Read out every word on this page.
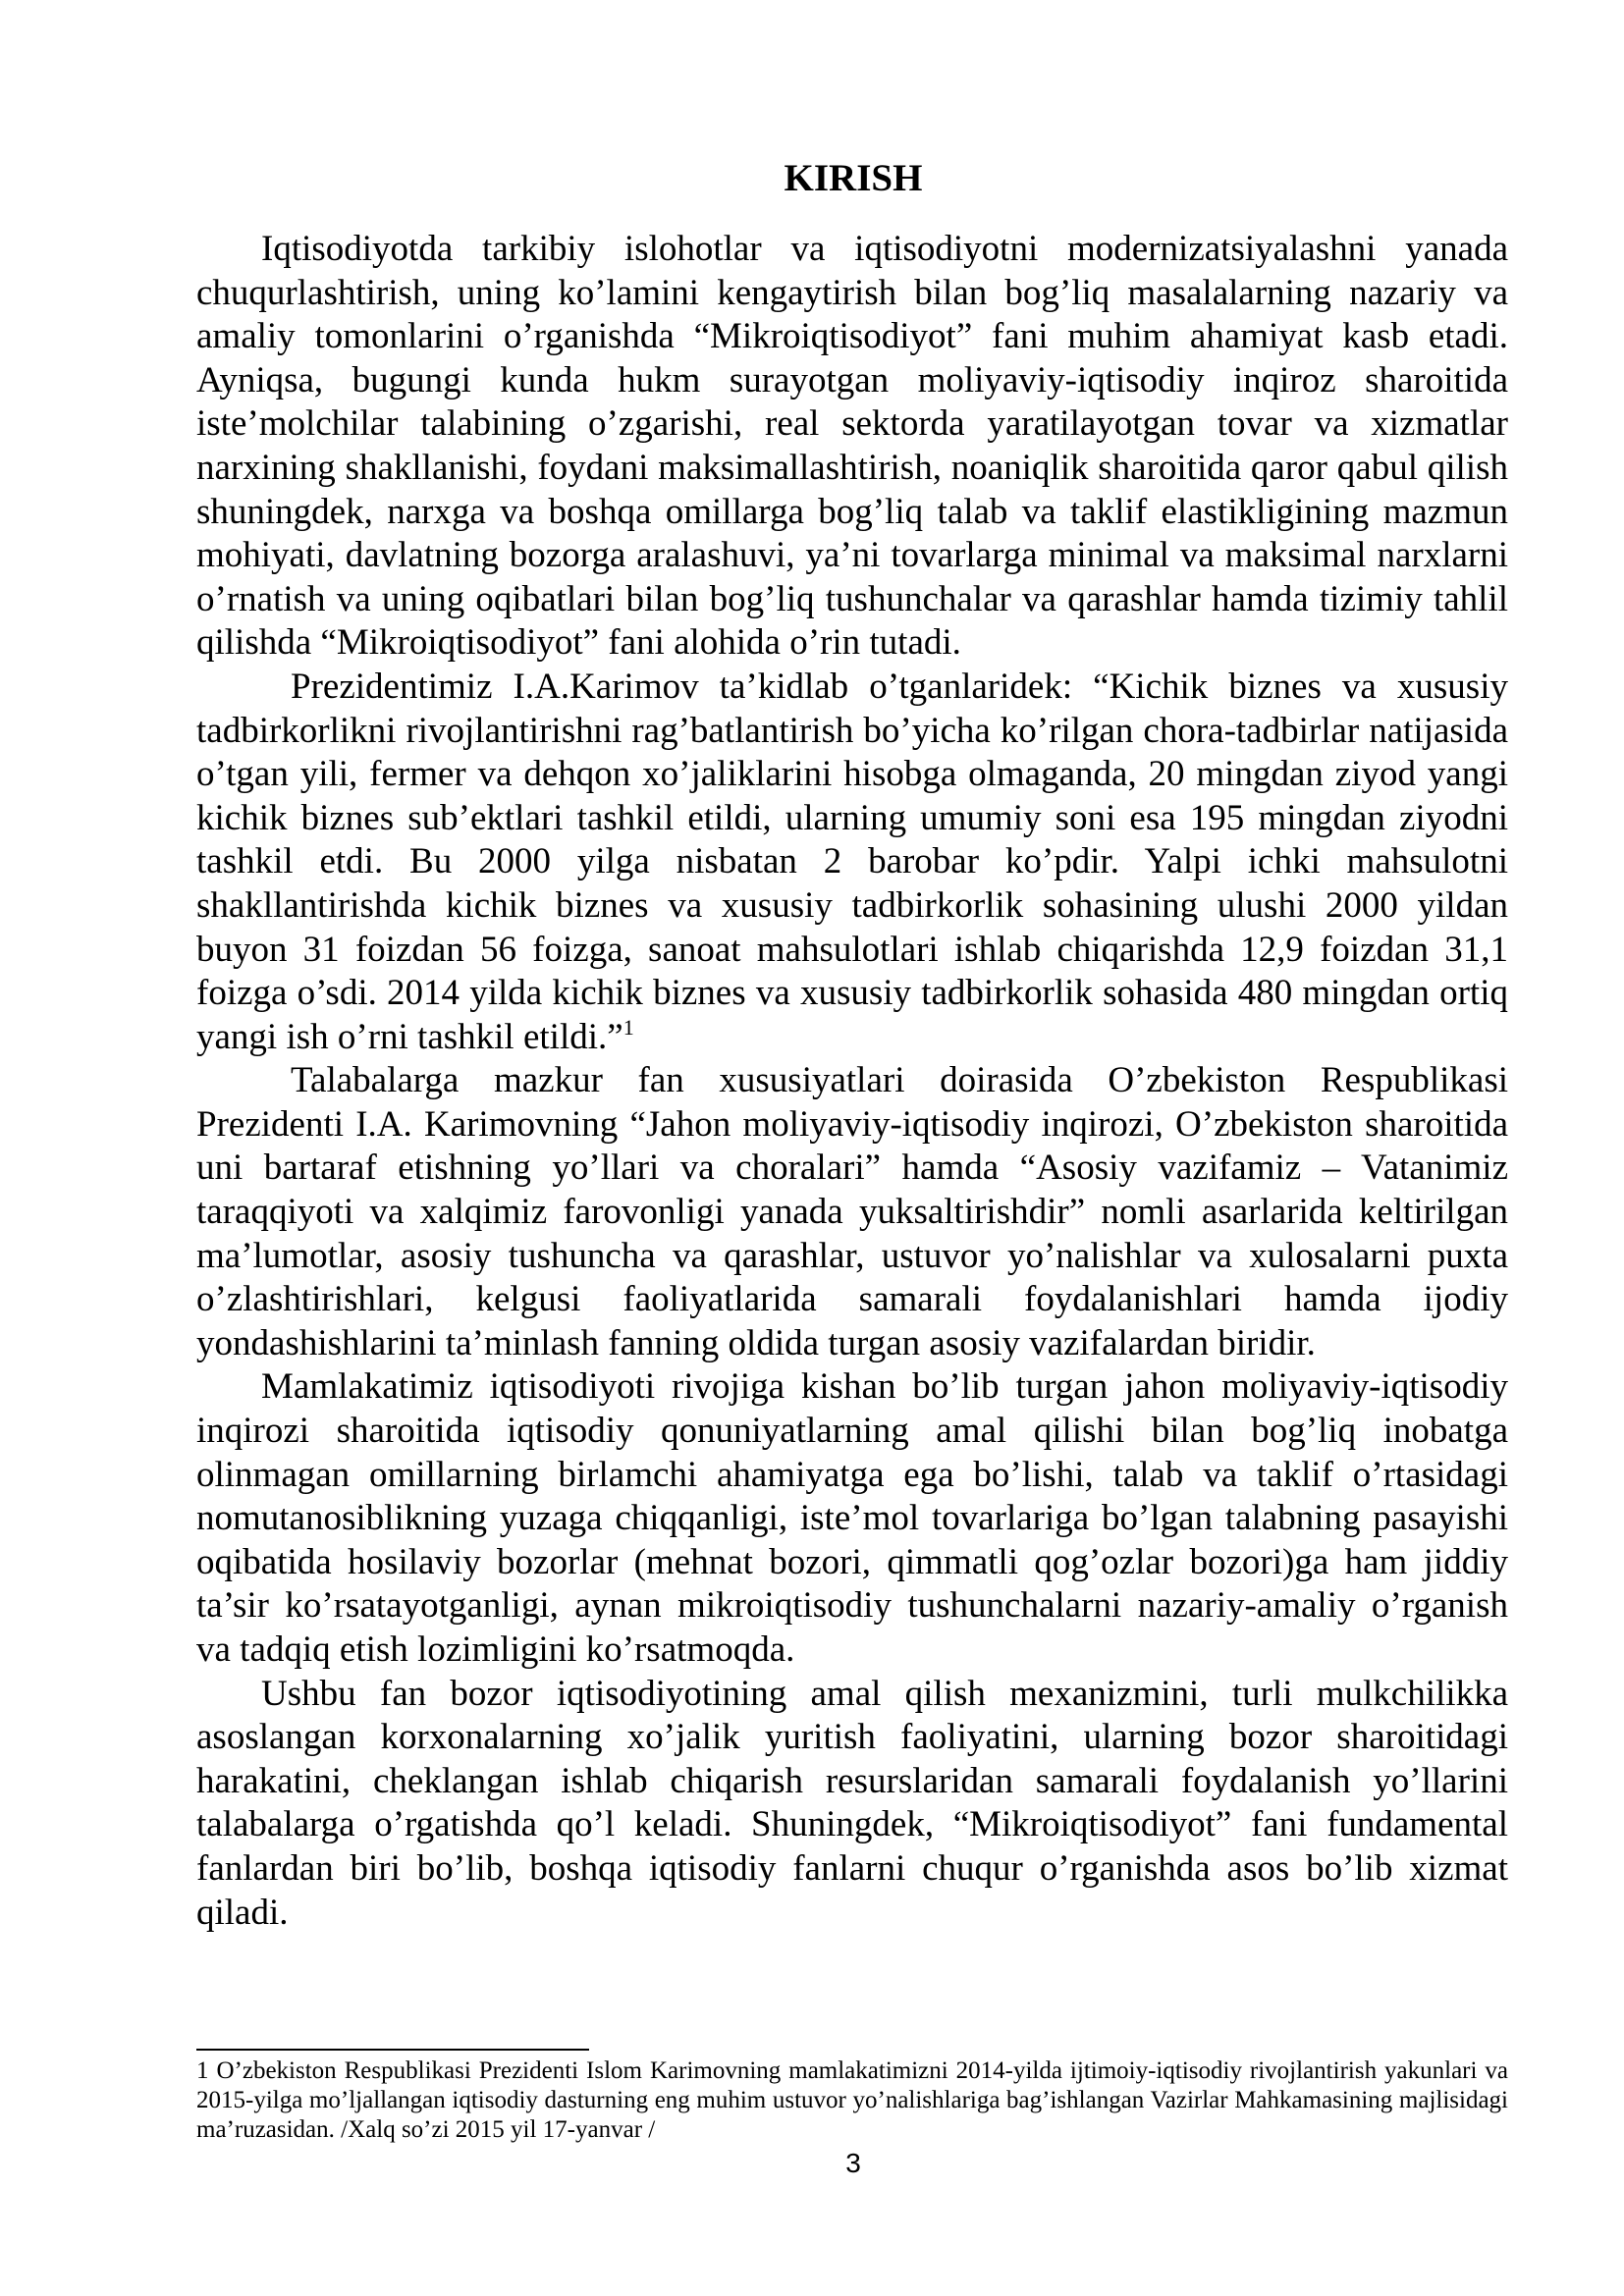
KIRISH

Iqtisodiyotda tarkibiy islohotlar va iqtisodiyotni modernizatsiyalashni yanada chuqurlashtirish, uning ko’lamini kengaytirish bilan bog’liq masalalarning nazariy va amaliy tomonlarini o’rganishda “Mikroiqtisodiyot” fani muhim ahamiyat kasb etadi. Ayniqsa, bugungi kunda hukm surayotgan moliyaviy-iqtisodiy inqiroz sharoitida iste’molchilar talabining o’zgarishi, real sektorda yaratilayotgan tovar va xizmatlar narxining shakllanishi, foydani maksimallashtirish, noaniqlik sharoitida qaror qabul qilish shuningdek, narxga va boshqa omillarga bog’liq talab va taklif elastikligining mazmun mohiyati, davlatning bozorga aralashuvi, ya’ni tovarlarga minimal va maksimal narxlarni o’rnatish va uning oqibatlari bilan bog’liq tushunchalar va qarashlar hamda tizimiy tahlil qilishda “Mikroiqtisodiyot” fani alohida o’rin tutadi.

Prezidentimiz I.A.Karimov ta’kidlab o’tganlaridek: “Kichik biznes va xususiy tadbirkorlikni rivojlantirishni rag’batlantirish bo’yicha ko’rilgan chora-tadbirlar natijasida o’tgan yili, fermer va dehqon xo’jaliklarini hisobga olmaganda, 20 mingdan ziyod yangi kichik biznes sub’ektlari tashkil etildi, ularning umumiy soni esa 195 mingdan ziyodni tashkil etdi. Bu 2000 yilga nisbatan 2 barobar ko’pdir. Yalpi ichki mahsulotni shakllantirishda kichik biznes va xususiy tadbirkorlik sohasining ulushi 2000 yildan buyon 31 foizdan 56 foizga, sanoat mahsulotlari ishlab chiqarishda 12,9 foizdan 31,1 foizga o’sdi. 2014 yilda kichik biznes va xususiy tadbirkorlik sohasida 480 mingdan ortiq yangi ish o’rni tashkil etildi.”$^1$

Talabalarga mazkur fan xususiyatlari doirasida O’zbekiston Respublikasi Prezidenti I.A. Karimovning “Jahon moliyaviy-iqtisodiy inqirozi, O’zbekiston sharoitida uni bartaraf etishning yo’llari va choralari” hamda “Asosiy vazifamiz – Vatanimiz taraqqiyoti va xalqimiz farovonligi yanada yuksaltirishdir” nomli asarlarida keltirilgan ma’lumotlar, asosiy tushuncha va qarashlar, ustuvor yo’nalishlar va xulosalarni puxta o’zlashtirishlari, kelgusi faoliyatlarida samarali foydalanishlari hamda ijodiy yondashishlarini ta’minlash fanning oldida turgan asosiy vazifalardan biridir.

Mamlakatimiz iqtisodiyoti rivojiga kishan bo’lib turgan jahon moliyaviy-iqtisodiy inqirozi sharoitida iqtisodiy qonuniyatlarning amal qilishi bilan bog’liq inobatga olinmagan omillarning birlamchi ahamiyatga ega bo’lishi, talab va taklif o’rtasidagi nomutanosiblikning yuzaga chiqqanligi, iste’mol tovarlariga bo’lgan talabning pasayishi oqibatida hosilaviy bozorlar (mehnat bozori, qimmatli qog’ozlar bozori)ga ham jiddiy ta’sir ko’rsatayotganligi, aynan mikroiqtisodiy tushunchalarni nazariy-amaliy o’rganish va tadqiq etish lozimligini ko’rsatmoqda.

Ushbu fan bozor iqtisodiyotining amal qilish mexanizmini, turli mulkchilikka asoslangan korxonalarning xo’jalik yuritish faoliyatini, ularning bozor sharoitidagi harakatini, cheklangan ishlab chiqarish resurslaridan samarali foydalanish yo’llarini talabalarga o’rgatishda qo’l keladi. Shuningdek, “Mikroiqtisodiyot” fani fundamental fanlardan biri bo’lib, boshqa iqtisodiy fanlarni chuqur o’rganishda asos bo’lib xizmat qiladi.

1 O’zbekiston Respublikasi Prezidenti Islom Karimovning mamlakatimizni 2014-yilda ijtimoiy-iqtisodiy rivojlantirish yakunlari va 2015-yilga mo’ljallangan iqtisodiy dasturning eng muhim ustuvor yo’nalishlariga bag’ishlangan Vazirlar Mahkamasining majlisidagi ma’ruzasidan. /Xalq so’zi 2015 yil 17-yanvar /
3
